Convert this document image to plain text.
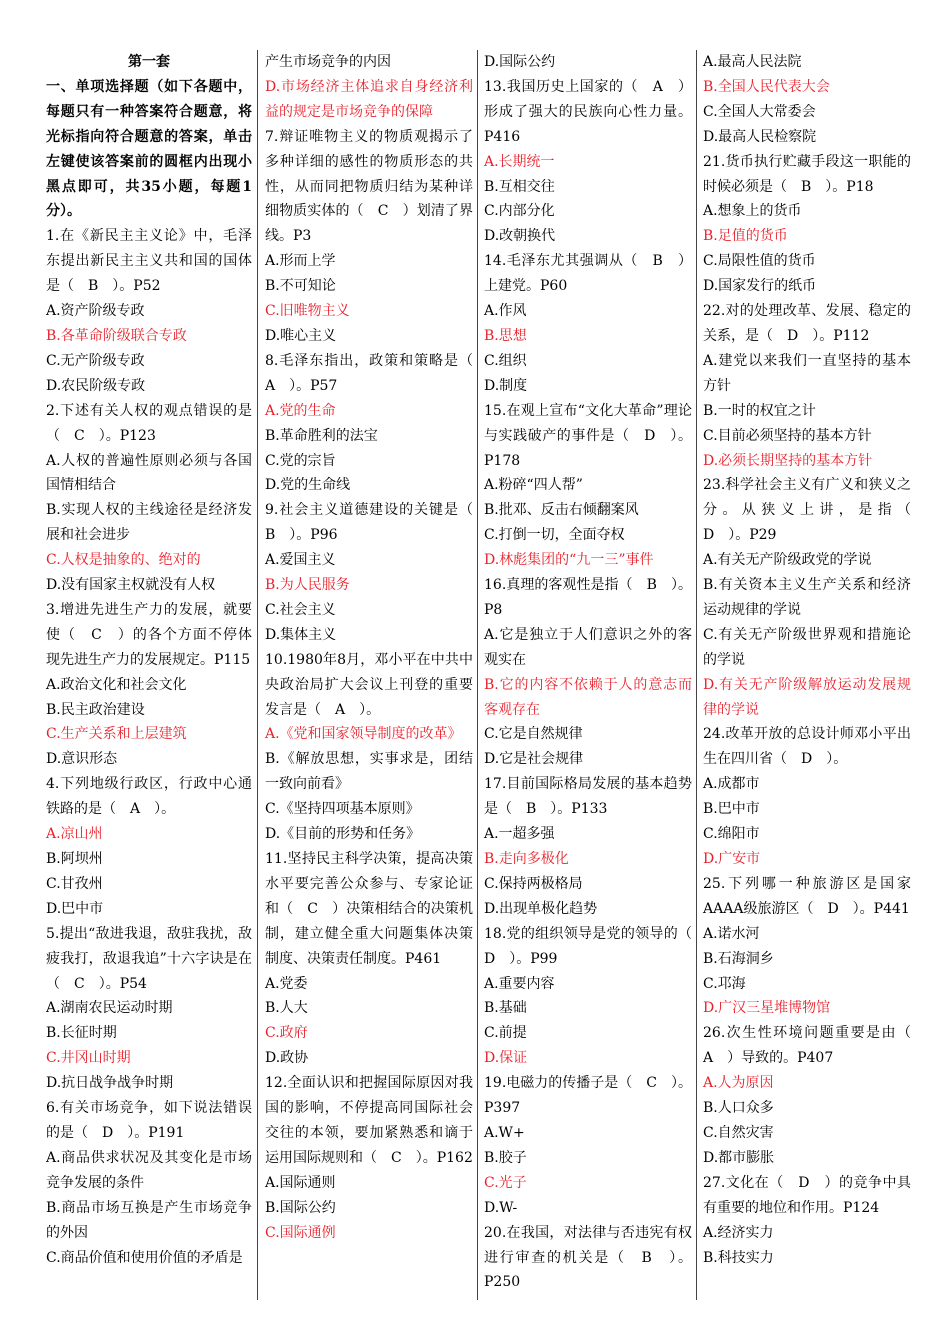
第一套

一、单项选择题（如下各题中，每题只有一种答案符合题意，将光标指向符合题意的答案，单击左键使该答案前的圆框内出现小黑点即可，共35小题，每题1分）。

1.在《新民主主义论》中，毛泽东提出新民主主义共和国的国体是（　B　）。P52

A.资产阶级专政

B.各革命阶级联合专政

C.无产阶级专政

D.农民阶级专政

2.下述有关人权的观点错误的是（　C　）。P123

A.人权的普遍性原则必须与各国国情相结合

B.实现人权的主线途径是经济发展和社会进步

C.人权是抽象的、绝对的

D.没有国家主权就没有人权

3.增进先进生产力的发展，就要使（　C　）的各个方面不停体现先进生产力的发展规定。P115

A.政治文化和社会文化

B.民主政治建设

C.生产关系和上层建筑

D.意识形态

4.下列地级行政区，行政中心通铁路的是（　A　）。

A.凉山州

B.阿坝州

C.甘孜州

D.巴中市

5.提出“敌进我退，敌驻我扰，敌疲我打，敌退我追”十六字诀是在（　C　）。P54

A.湖南农民运动时期

B.长征时期

C.井冈山时期

D.抗日战争战争时期

6.有关市场竞争，如下说法错误的是（　D　）。P191

A.商品供求状况及其变化是市场竞争发展的条件

B.商品市场互换是产生市场竞争的外因

C.商品价值和使用价值的矛盾是

产生市场竞争的内因

D.市场经济主体追求自身经济利益的规定是市场竞争的保障

7.辩证唯物主义的物质观揭示了多种详细的感性的物质形态的共性，从而同把物质归结为某种详细物质实体的（　C　）划清了界线。P3

A.形而上学

B.不可知论

C.旧唯物主义

D.唯心主义

8.毛泽东指出，政策和策略是（　A　）。P57

A.党的生命

B.革命胜利的法宝

C.党的宗旨

D.党的生命线

9.社会主义道德建设的关键是（　B　）。P96

A.爱国主义

B.为人民服务

C.社会主义

D.集体主义

10.1980年8月，邓小平在中共中央政治局扩大会议上刊登的重要发言是（　A　）。

A.《党和国家领导制度的改革》

B.《解放思想，实事求是，团结一致向前看》

C.《坚持四项基本原则》

D.《目前的形势和任务》

11.坚持民主科学决策，提高决策水平要完善公众参与、专家论证和（　C　）决策相结合的决策机制，建立健全重大问题集体决策制度、决策责任制度。P461

A.党委

B.人大

C.政府

D.政协

12.全面认识和把握国际原因对我国的影响，不停提高同国际社会交往的本领，要加紧熟悉和谪于运用国际规则和（　C　）。P162

A.国际通则

B.国际公约

C.国际通例

D.国际公约

13.我国历史上国家的（　A　）形成了强大的民族向心性力量。P416

A.长期统一

B.互相交往

C.内部分化

D.改朝换代

14.毛泽东尤其强调从（　B　）上建党。P60

A.作风

B.思想

C.组织

D.制度

15.在观上宣布“文化大革命”理论与实践破产的事件是（　D　）。P178

A.粉碎“四人帮”

B.批邓、反击右倾翻案风

C.打倒一切，全面夺权

D.林彪集团的“九一三”事件

16.真理的客观性是指（　B　）。P8

A.它是独立于人们意识之外的客观实在

B.它的内容不依赖于人的意志而客观存在

C.它是自然规律

D.它是社会规律

17.目前国际格局发展的基本趋势是（　B　）。P133

A.一超多强

B.走向多极化

C.保持两极格局

D.出现单极化趋势

18.党的组织领导是党的领导的（　D　）。P99

A.重要内容

B.基础

C.前提

D.保证

19.电磁力的传播子是（　C　）。P397

A.W+

B.胶子

C.光子

D.W-

20.在我国，对法律与否违宪有权进行审查的机关是（　B　）。P250

A.最高人民法院

B.全国人民代表大会

C.全国人大常委会

D.最高人民检察院

21.货币执行贮藏手段这一职能的时候必须是（　B　）。P18

A.想象上的货币

B.足值的货币

C.局限性值的货币

D.国家发行的纸币

22.对的处理改革、发展、稳定的关系，是（　D　）。P112

A.建党以来我们一直坚持的基本方针

B.一时的权宜之计

C.目前必须坚持的基本方针

D.必须长期坚持的基本方针

23.科学社会主义有广义和狭义之分。从狭义上讲，是指（　D　）。P29

A.有关无产阶级政党的学说

B.有关资本主义生产关系和经济运动规律的学说

C.有关无产阶级世界观和措施论的学说

D.有关无产阶级解放运动发展规律的学说

24.改革开放的总设计师邓小平出生在四川省（　D　）。

A.成都市

B.巴中市

C.绵阳市

D.广安市

25.下列哪一种旅游区是国家AAAA级旅游区（　D　）。P441

A.诺水河

B.石海洞乡

C.邛海

D.广汉三星堆博物馆

26.次生性环境问题重要是由（　A　）导致的。P407

A.人为原因

B.人口众多

C.自然灾害

D.都市膨胀

27.文化在（　D　）的竞争中具有重要的地位和作用。P124

A.经济实力

B.科技实力
